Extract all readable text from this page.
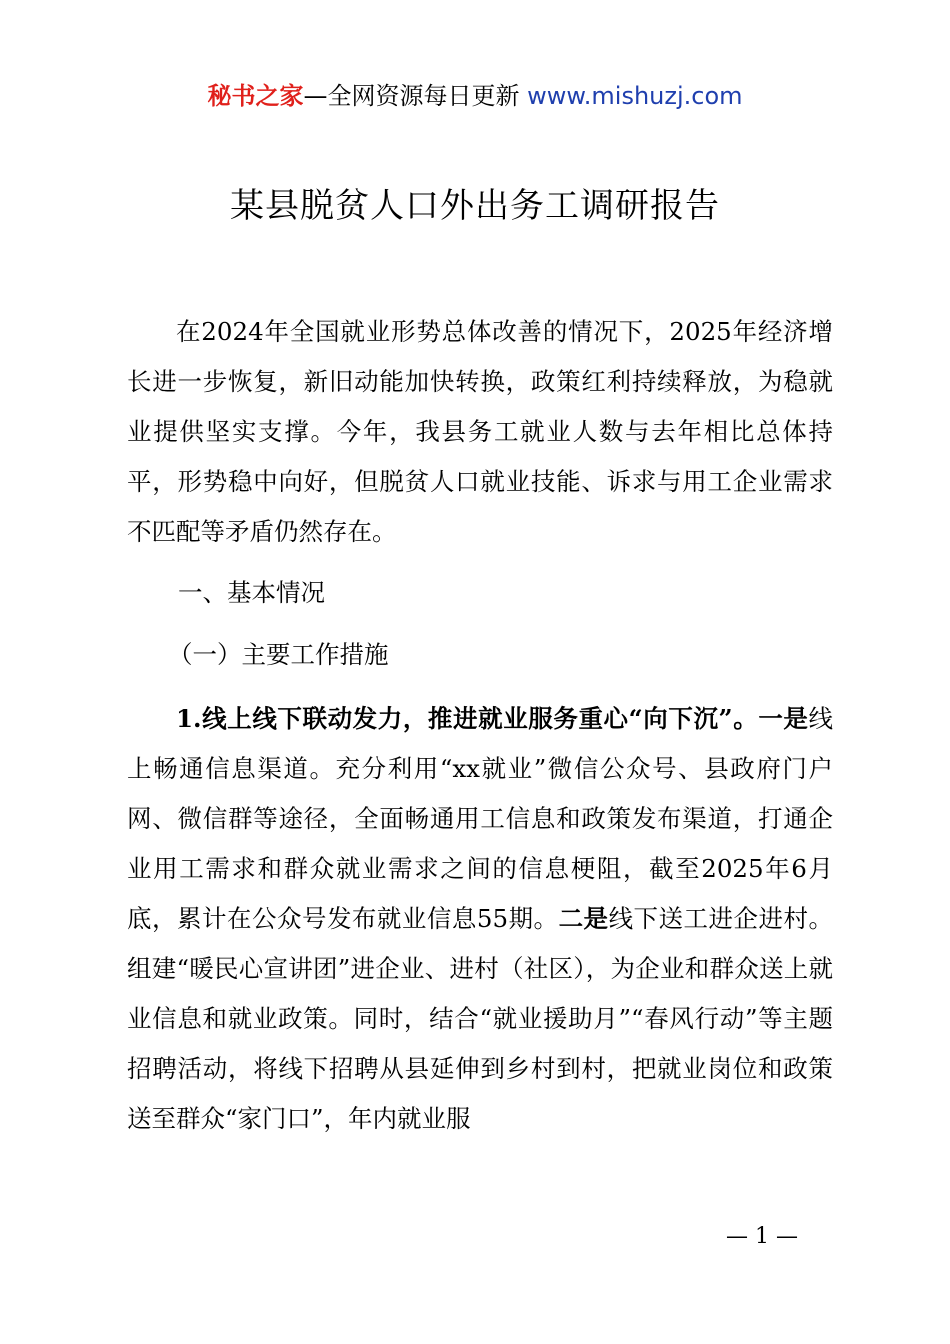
秘书之家—全网资源每日更新 www.mishuzj.com
某县脱贫人口外出务工调研报告

在2024年全国就业形势总体改善的情况下，2025年经济增长进一步恢复，新旧动能加快转换，政策红利持续释放，为稳就业提供坚实支撑。今年，我县务工就业人数与去年相比总体持平，形势稳中向好，但脱贫人口就业技能、诉求与用工企业需求不匹配等矛盾仍然存在。

一、基本情况
（一）主要工作措施

1.线上线下联动发力，推进就业服务重心“向下沉”。一是线上畅通信息渠道。充分利用“xx就业”微信公众号、县政府门户网、微信群等途径，全面畅通用工信息和政策发布渠道，打通企业用工需求和群众就业需求之间的信息梗阻，截至2025年6月底，累计在公众号发布就业信息55期。二是线下送工进企进村。组建“暖民心宣讲团”进企业、进村（社区），为企业和群众送上就业信息和就业政策。同时，结合“就业援助月”“春风行动”等主题招聘活动，将线下招聘从县延伸到乡村到村，把就业岗位和政策送至群众“家门口”，年内就业服

— 1 —
